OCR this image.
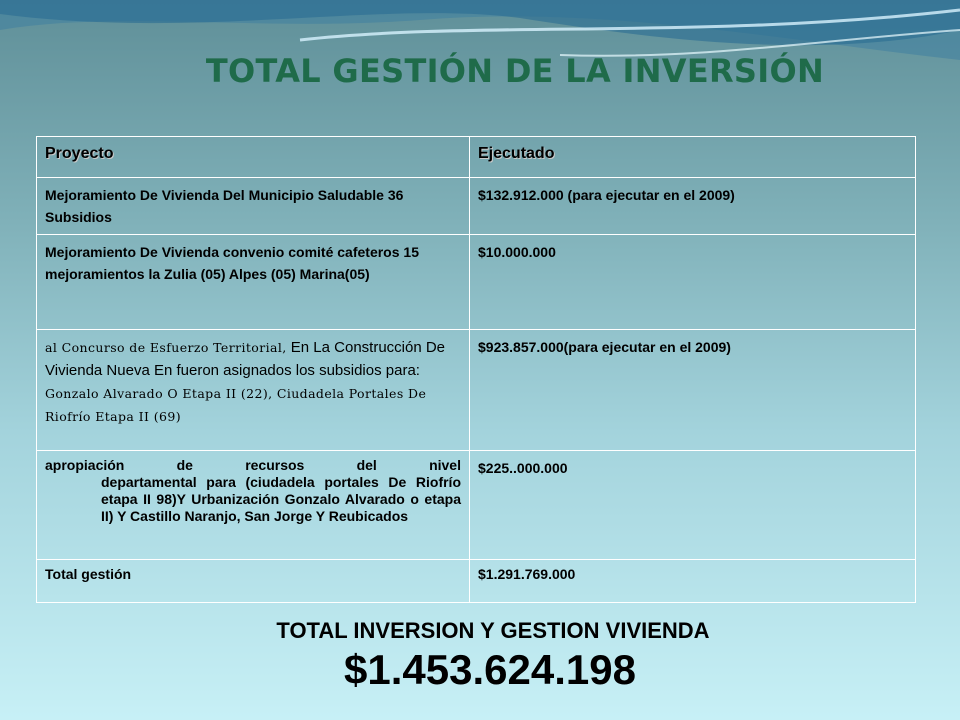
TOTAL GESTIÓN DE LA INVERSIÓN
Proyecto	Ejecutado
Mejoramiento De Vivienda Del Municipio Saludable 36 Subsidios	$132.912.000 (para ejecutar en el 2009)
Mejoramiento De Vivienda convenio comité cafeteros 15 mejoramientos la Zulia (05) Alpes (05) Marina(05)	$10.000.000
al Concurso de Esfuerzo Territorial, En La Construcción De Vivienda Nueva En fueron asignados los subsidios para: Gonzalo Alvarado O Etapa II (22), Ciudadela Portales De Riofrío Etapa II (69)	$923.857.000(para ejecutar en el 2009)

apropiación de recursos del nivel
departamental para (ciudadela portales De Riofrío etapa II 98)Y Urbanización Gonzalo Alvarado o etapa II) Y Castillo Naranjo, San Jorge Y Reubicados	$225..000.000
Total gestión	$1.291.769.000
TOTAL INVERSION Y GESTION VIVIENDA
$1.453.624.198
